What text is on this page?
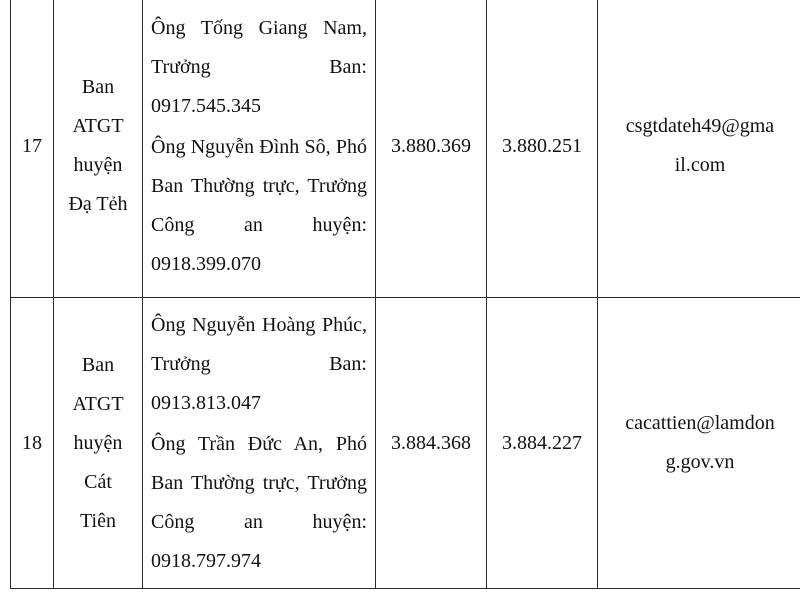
17	Ban
ATGT
huyện
Đạ Tẻh	Ông Tống Giang Nam, Trưởng Ban: 0917.545.345
Ông Nguyễn Đình Sô, Phó Ban Thường trực, Trưởng Công an huyện: 0918.399.070	3.880.369	3.880.251	csgtdateh49@gma
il.com

18	Ban
ATGT
huyện
Cát
Tiên	Ông Nguyễn Hoàng Phúc, Trưởng Ban: 0913.813.047
Ông Trần Đức An, Phó Ban Thường trực, Trưởng Công an huyện: 0918.797.974	3.884.368	3.884.227	cacattien@lamdon
g.gov.vn
